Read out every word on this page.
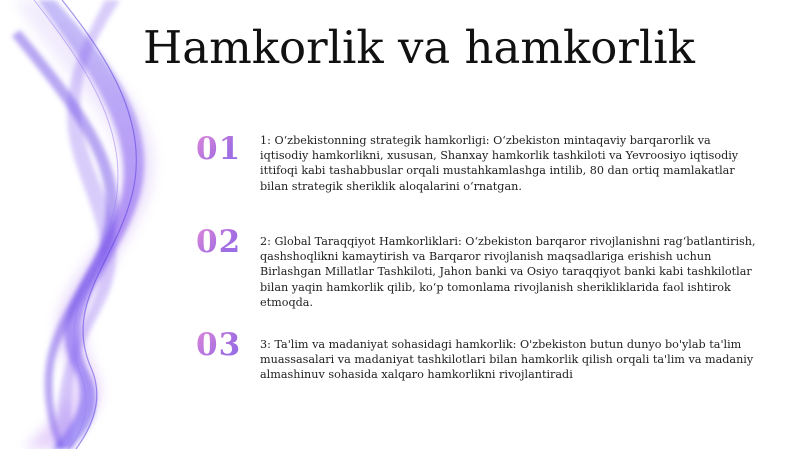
Hamkorlik va hamkorlik
01	1: O‘zbekistonning strategik hamkorligi: O‘zbekiston mintaqaviy barqarorlik va iqtisodiy hamkorlikni, xususan, Shanxay hamkorlik tashkiloti va Yevroosiyo iqtisodiy ittifoqi kabi tashabbuslar orqali mustahkamlashga intilib, 80 dan ortiq mamlakatlar bilan strategik sheriklik aloqalarini o‘rnatgan.

02	2: Global Taraqqiyot Hamkorliklari: O‘zbekiston barqaror rivojlanishni rag‘batlantirish, qashshoqlikni kamaytirish va Barqaror rivojlanish maqsadlariga erishish uchun Birlashgan Millatlar Tashkiloti, Jahon banki va Osiyo taraqqiyot banki kabi tashkilotlar bilan yaqin hamkorlik qilib, ko‘p tomonlama rivojlanish sherikliklarida faol ishtirok etmoqda.

03	3: Ta'lim va madaniyat sohasidagi hamkorlik: O'zbekiston butun dunyo bo'ylab ta'lim muassasalari va madaniyat tashkilotlari bilan hamkorlik qilish orqali ta'lim va madaniy almashinuv sohasida xalqaro hamkorlikni rivojlantiradi
